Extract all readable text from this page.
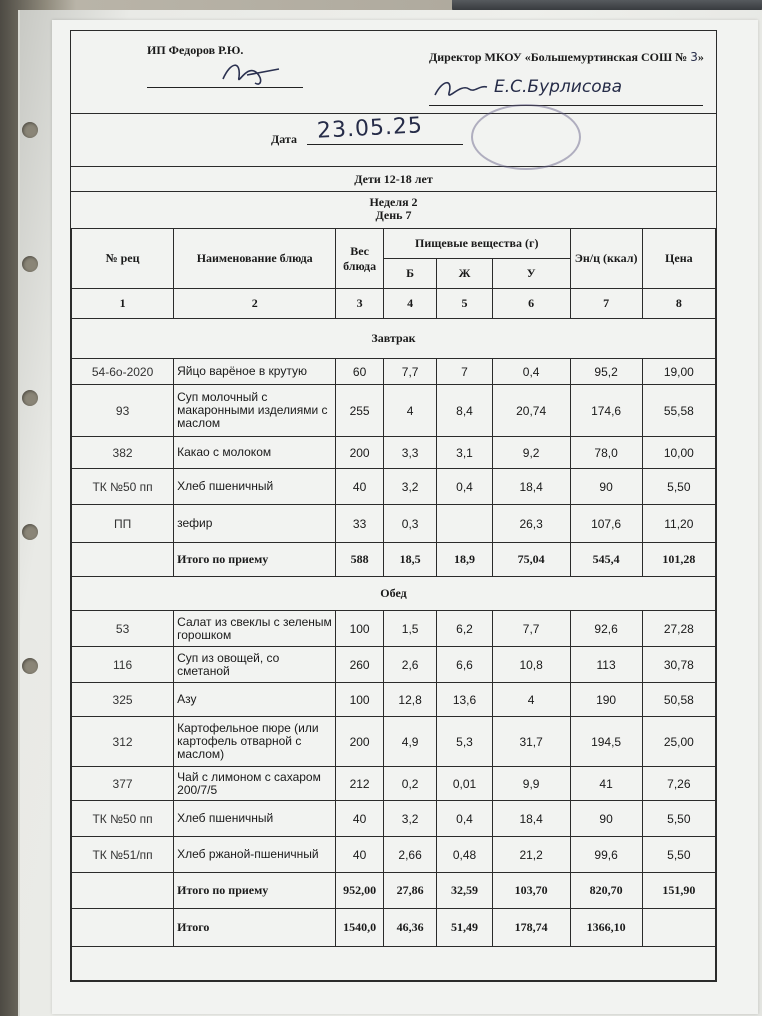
ИП Федоров Р.Ю.	Директор МКОУ «Большемуртинская СОШ № 3»
Е.С.Бурлисова
Дата 23.05.25
Дети 12-18 лет
Неделя 2
День 7
№ рец	Наименование блюда	Вес блюда	Пищевые вещества (г)			Эн/ц (ккал)	Цена
			Б	Ж	У		
1	2	3	4	5	6	7	8
Завтрак							
54-6о-2020	Яйцо варёное в крутую	60	7,7	7	0,4	95,2	19,00
93	Суп молочный с макаронными изделиями с маслом	255	4	8,4	20,74	174,6	55,58
382	Какао с молоком	200	3,3	3,1	9,2	78,0	10,00
ТК №50 пп	Хлеб пшеничный	40	3,2	0,4	18,4	90	5,50
ПП	зефир	33	0,3		26,3	107,6	11,20
	Итого по приему	588	18,5	18,9	75,04	545,4	101,28
Обед							
53	Салат из свеклы с зеленым горошком	100	1,5	6,2	7,7	92,6	27,28
116	Суп из овощей, со сметаной	260	2,6	6,6	10,8	113	30,78
325	Азу	100	12,8	13,6	4	190	50,58
312	Картофельное пюре (или картофель отварной с маслом)	200	4,9	5,3	31,7	194,5	25,00
377	Чай с лимоном с сахаром 200/7/5	212	0,2	0,01	9,9	41	7,26
ТК №50 пп	Хлеб пшеничный	40	3,2	0,4	18,4	90	5,50
ТК №51/пп	Хлеб ржаной-пшеничный	40	2,66	0,48	21,2	99,6	5,50
	Итого по приему	952,00	27,86	32,59	103,70	820,70	151,90
	Итого	1540,0	46,36	51,49	178,74	1366,10	
